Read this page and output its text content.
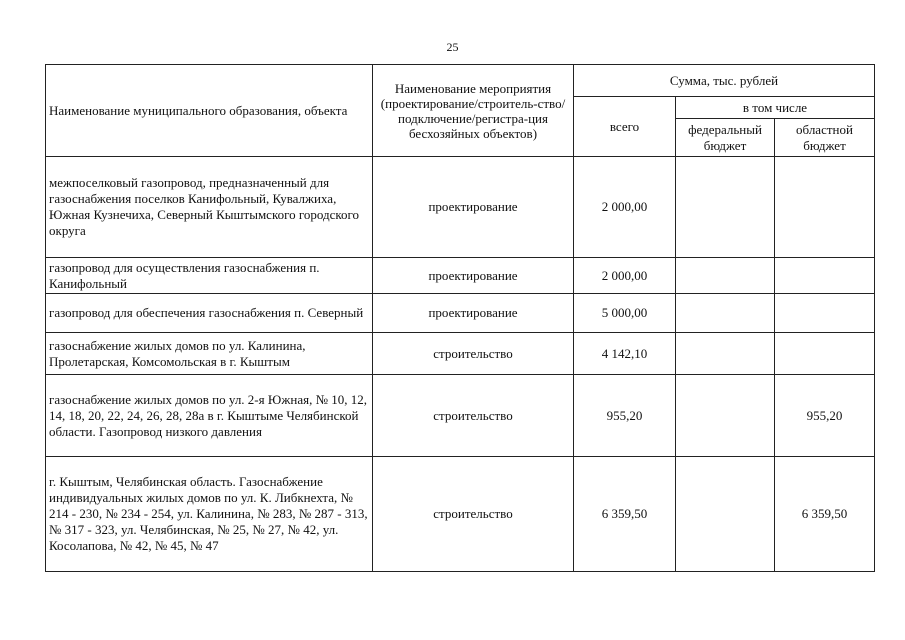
25
Наименование муниципального образования, объекта	Наименование мероприятия (проектирование/строитель-ство/подключение/регистра-ция бесхозяйных объектов)	Сумма, тыс. рублей		
		всего	в том числе	
			федеральный бюджет	областной бюджет
межпоселковый газопровод, предназначенный для газоснабжения поселков Канифольный, Кувалжиха, Южная Кузнечиха, Северный Кыштымского городского округа	проектирование	2 000,00		
газопровод для осуществления газоснабжения п. Канифольный	проектирование	2 000,00		
газопровод для обеспечения газоснабжения п. Северный	проектирование	5 000,00		
газоснабжение жилых домов по ул. Калинина, Пролетарская, Комсомольская в г. Кыштым	строительство	4 142,10		
газоснабжение жилых домов по ул. 2-я Южная, № 10, 12, 14, 18, 20, 22, 24, 26, 28, 28а в г. Кыштыме Челябинской области. Газопровод низкого давления	строительство	955,20		955,20
г. Кыштым, Челябинская область. Газоснабжение индивидуальных жилых домов по ул. К. Либкнехта, № 214 - 230, № 234 - 254, ул. Калинина, № 283, № 287 - 313, № 317 - 323, ул. Челябинская, № 25, № 27, № 42, ул. Косолапова, № 42, № 45, № 47	строительство	6 359,50		6 359,50
